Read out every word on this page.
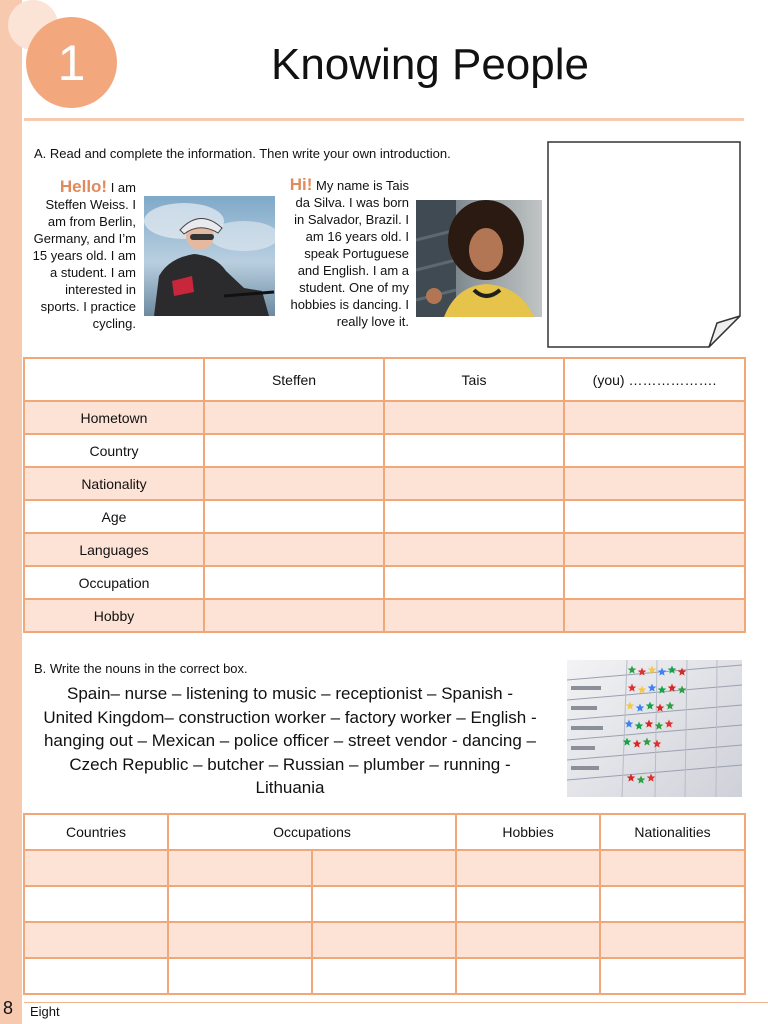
1	Knowing People
A. Read and complete the information. Then write your own introduction.
Hello! I am Steffen Weiss. I am from Berlin, Germany, and I’m 15 years old. I am a student. I am interested in sports. I practice cycling.
Hi! My name is Tais da Silva. I was born in Salvador, Brazil. I am 16 years old. I speak Portuguese and English. I am a student. One of my hobbies is dancing. I really love it.
	Steffen	Tais	(you) ……………….
Hometown			
Country			
Nationality			
Age			
Languages			
Occupation			
Hobby			
B. Write the nouns in the correct box.
Spain– nurse – listening to music – receptionist – Spanish -
United Kingdom– construction worker – factory worker – English -
hanging out – Mexican – police officer – street vendor - dancing –
Czech Republic – butcher – Russian – plumber – running -
Lithuania
Countries	Occupations		Hobbies	Nationalities

8 Eight
